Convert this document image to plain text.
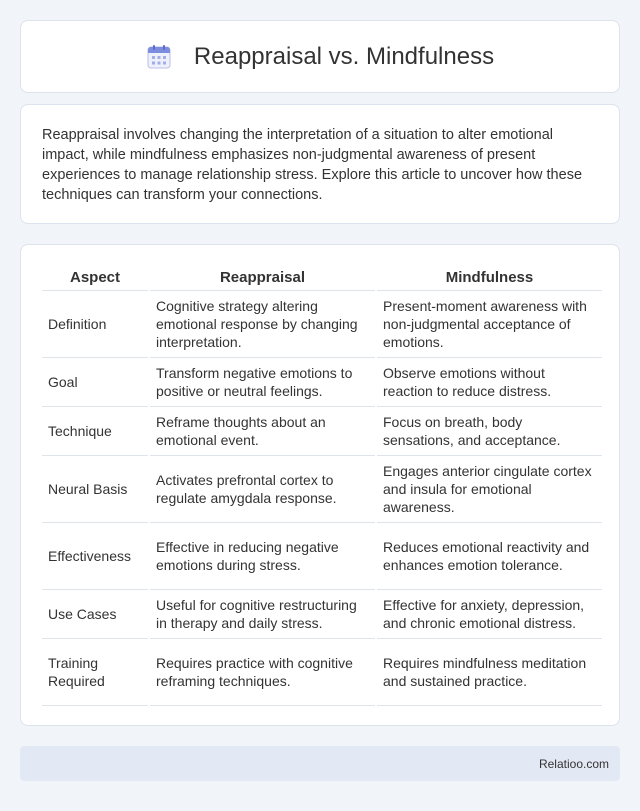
Reappraisal vs. Mindfulness

Reappraisal involves changing the interpretation of a situation to alter emotional impact, while mindfulness emphasizes non-judgmental awareness of present experiences to manage relationship stress. Explore this article to uncover how these techniques can transform your connections.

Aspect	Reappraisal	Mindfulness
Definition	Cognitive strategy altering emotional response by changing interpretation.	Present-moment awareness with non-judgmental acceptance of emotions.
Goal	Transform negative emotions to positive or neutral feelings.	Observe emotions without reaction to reduce distress.
Technique	Reframe thoughts about an emotional event.	Focus on breath, body sensations, and acceptance.
Neural Basis	Activates prefrontal cortex to regulate amygdala response.	Engages anterior cingulate cortex and insula for emotional awareness.
Effectiveness	Effective in reducing negative emotions during stress.	Reduces emotional reactivity and enhances emotion tolerance.
Use Cases	Useful for cognitive restructuring in therapy and daily stress.	Effective for anxiety, depression, and chronic emotional distress.
Training Required	Requires practice with cognitive reframing techniques.	Requires mindfulness meditation and sustained practice.
Relatioo.com
